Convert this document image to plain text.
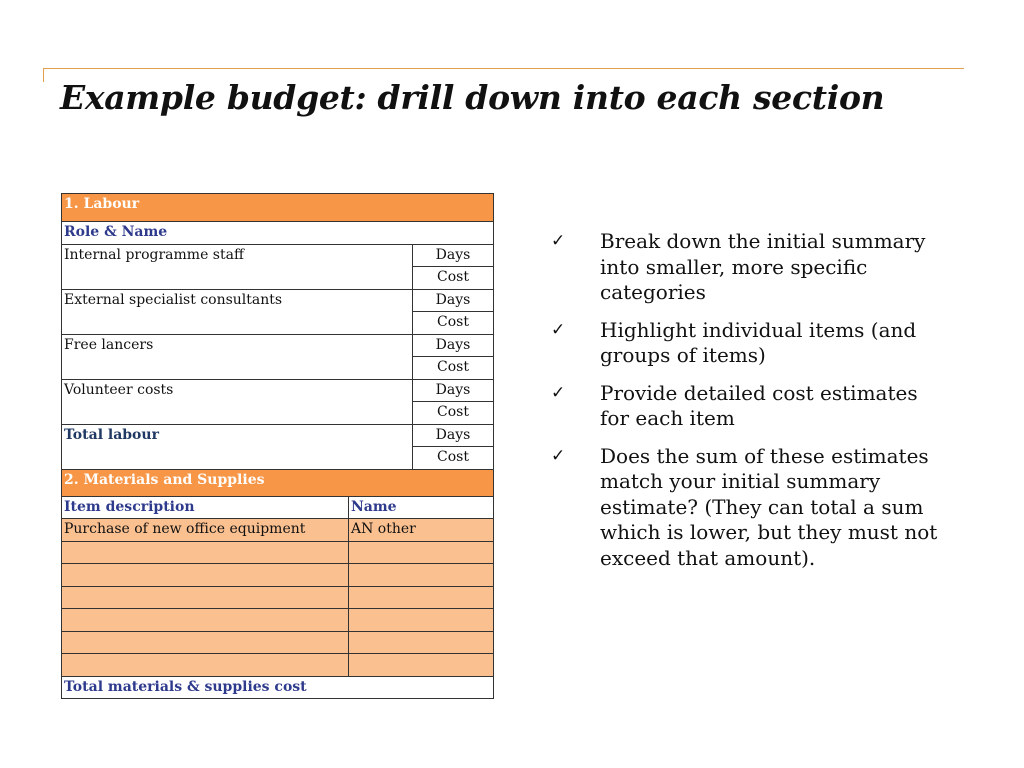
Example budget: drill down into each section
1. Labour		
Role & Name		
Internal programme staff		Days
		Cost
External specialist consultants		Days
		Cost
Free lancers		Days
		Cost
Volunteer costs		Days
		Cost
Total labour		Days
		Cost
2. Materials and Supplies		
Item description	Name	
Purchase of new office equipment	AN other	

Total materials & supplies cost		
✓ Break down the initial summary into smaller, more specific categories
✓ Highlight individual items (and groups of items)
✓ Provide detailed cost estimates for each item
✓ Does the sum of these estimates match your initial summary estimate? (They can total a sum which is lower, but they must not exceed that amount).
